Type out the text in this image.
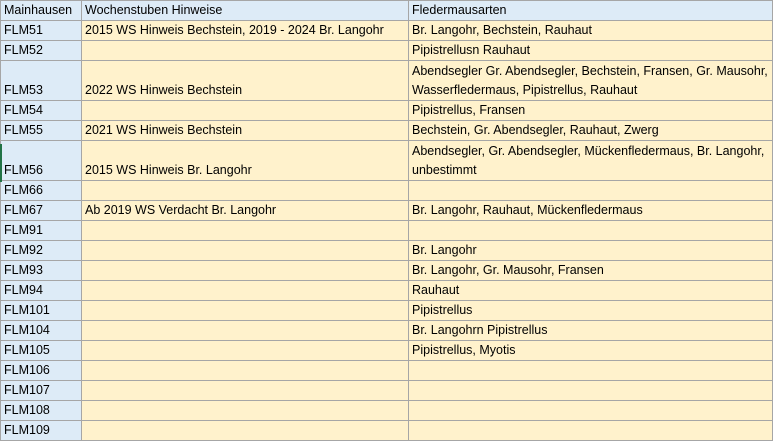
Mainhausen	Wochenstuben Hinweise	Fledermausarten
FLM51	2015 WS Hinweis Bechstein, 2019 - 2024 Br. Langohr	Br. Langohr, Bechstein, Rauhaut
FLM52		Pipistrellusn Rauhaut
FLM53	2022 WS Hinweis Bechstein	Abendsegler Gr. Abendsegler, Bechstein, Fransen, Gr. Mausohr, Wasserfledermaus, Pipistrellus, Rauhaut
FLM54		Pipistrellus, Fransen
FLM55	2021 WS Hinweis Bechstein	Bechstein, Gr. Abendsegler, Rauhaut, Zwerg
FLM56	2015 WS Hinweis Br. Langohr	Abendsegler, Gr. Abendsegler, Mückenfledermaus, Br. Langohr, unbestimmt
FLM66		
FLM67	Ab 2019 WS Verdacht Br. Langohr	Br. Langohr, Rauhaut, Mückenfledermaus
FLM91		
FLM92		Br. Langohr
FLM93		Br. Langohr, Gr. Mausohr, Fransen
FLM94		Rauhaut
FLM101		Pipistrellus
FLM104		Br. Langohrn Pipistrellus
FLM105		Pipistrellus, Myotis
FLM106		
FLM107		
FLM108		
FLM109		
